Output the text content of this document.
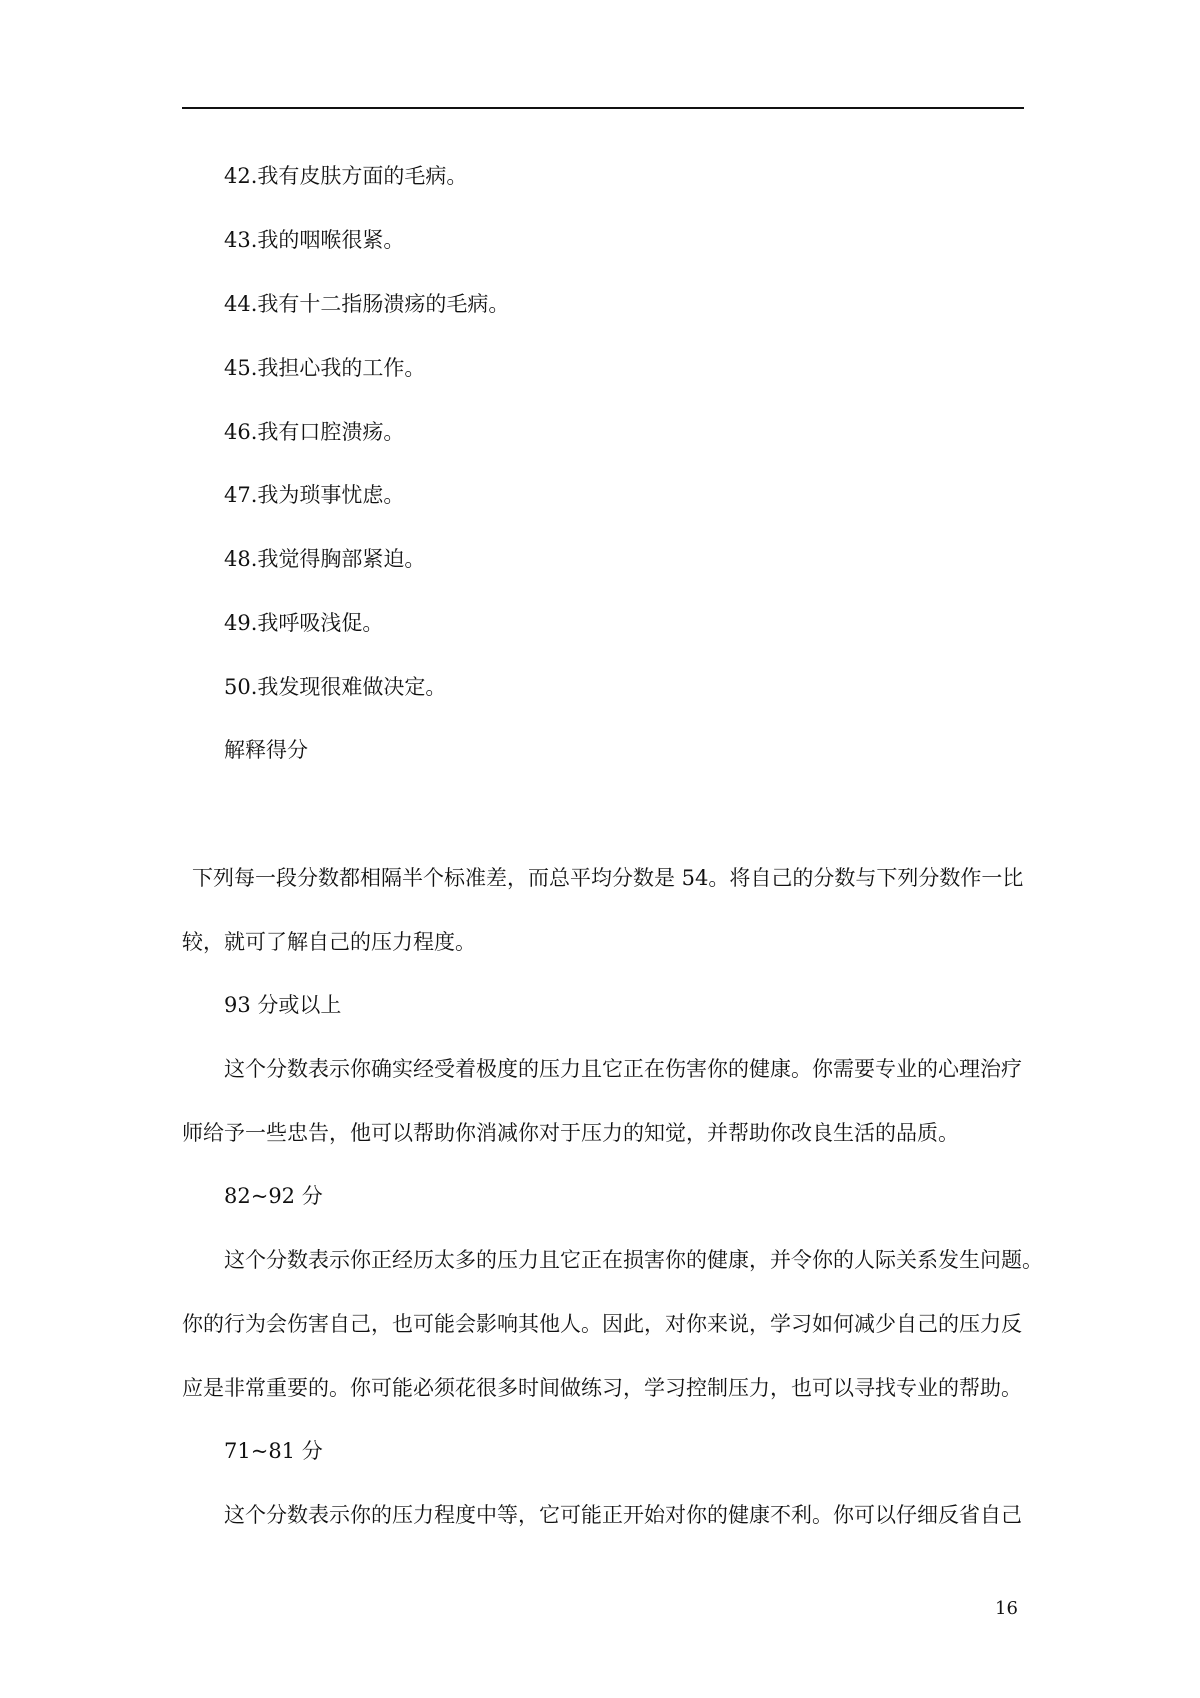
42.我有皮肤方面的毛病。
43.我的咽喉很紧。
44.我有十二指肠溃疡的毛病。
45.我担心我的工作。
46.我有口腔溃疡。
47.我为琐事忧虑。
48.我觉得胸部紧迫。
49.我呼吸浅促。
50.我发现很难做决定。
解释得分
下列每一段分数都相隔半个标准差，而总平均分数是 54。将自己的分数与下列分数作一比
较，就可了解自己的压力程度。
93 分或以上
这个分数表示你确实经受着极度的压力且它正在伤害你的健康。你需要专业的心理治疗
师给予一些忠告，他可以帮助你消减你对于压力的知觉，并帮助你改良生活的品质。
82~92 分
这个分数表示你正经历太多的压力且它正在损害你的健康，并令你的人际关系发生问题。
你的行为会伤害自己，也可能会影响其他人。因此，对你来说，学习如何减少自己的压力反
应是非常重要的。你可能必须花很多时间做练习，学习控制压力，也可以寻找专业的帮助。
71~81 分
这个分数表示你的压力程度中等，它可能正开始对你的健康不利。你可以仔细反省自己
16
